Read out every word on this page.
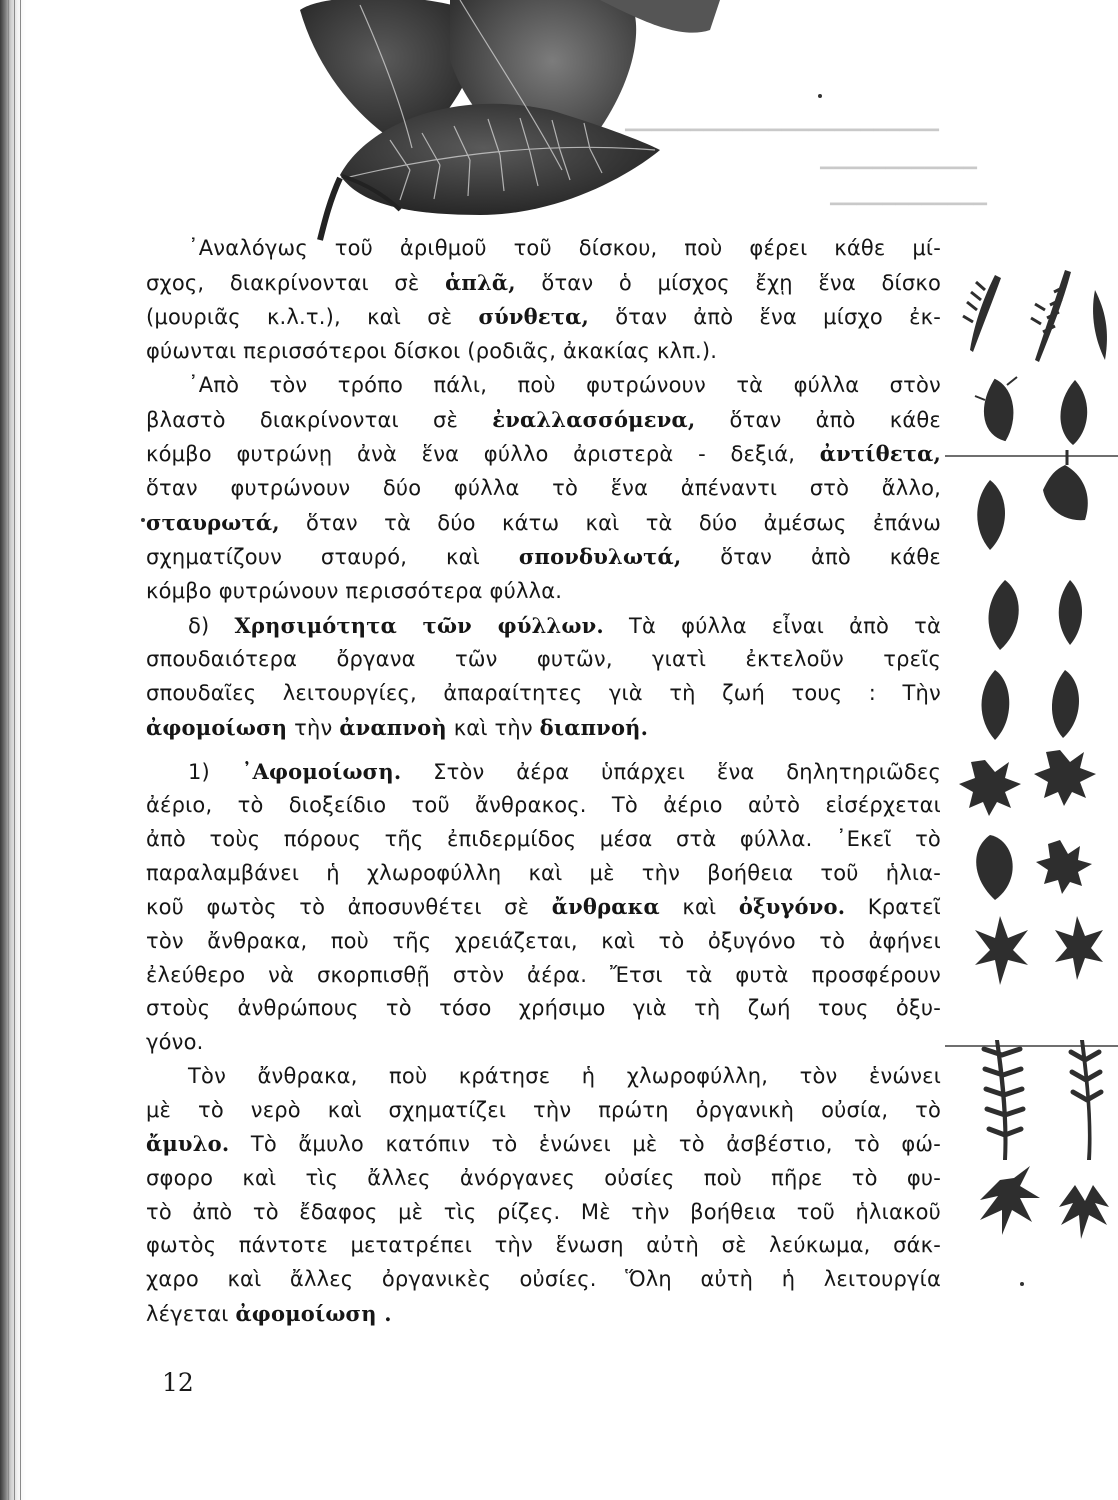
▁▁▁▁▁▁▁▁▁▁▁▁▁▁▁▁▁▁▁▁▁▁▁▁
▁▁▁▁▁▁▁▁▁▁▁▁
▁▁▁▁▁▁▁▁▁▁▁▁

᾿Αναλόγως τοῦ ἀριθμοῦ τοῦ δίσκου, ποὺ φέρει κάθε μί-

σχος, διακρίνονται σὲ ἁπλᾶ, ὅταν ὁ μίσχος ἔχῃ ἕνα δίσκο

(μουριᾶς κ.λ.τ.), καὶ σὲ σύνθετα, ὅταν ἀπὸ ἕνα μίσχο ἐκ-

φύωνται περισσότεροι δίσκοι (ροδιᾶς, ἀκακίας κλπ.).

᾿Απὸ τὸν τρόπο πάλι, ποὺ φυτρώνουν τὰ φύλλα στὸν

βλαστὸ διακρίνονται σὲ ἐναλλασσόμενα, ὅταν ἀπὸ κάθε

κόμβο φυτρώνῃ ἀνὰ ἕνα φύλλο ἀριστερὰ - δεξιά, ἀντίθετα,

ὅταν φυτρώνουν δύο φύλλα τὸ ἕνα ἀπέναντι στὸ ἄλλο,

σταυρωτά, ὅταν τὰ δύο κάτω καὶ τὰ δύο ἀμέσως ἐπάνω

σχηματίζουν σταυρό, καὶ σπονδυλωτά, ὅταν ἀπὸ κάθε

κόμβο φυτρώνουν περισσότερα φύλλα.

δ) Χρησιμότητα τῶν φύλλων. Τὰ φύλλα εἶναι ἀπὸ τὰ

σπουδαιότερα ὄργανα τῶν φυτῶν, γιατὶ ἐκτελοῦν τρεῖς

σπουδαῖες λειτουργίες, ἀπαραίτητες γιὰ τὴ ζωή τους : Τὴν

ἀφομοίωση τὴν ἀναπνοὴ καὶ τὴν διαπνοή.

1) ᾿Αφομοίωση. Στὸν ἀέρα ὑπάρχει ἕνα δηλητηριῶδες

ἀέριο, τὸ διοξείδιο τοῦ ἄνθρακος. Τὸ ἀέριο αὐτὸ εἰσέρχεται

ἀπὸ τοὺς πόρους τῆς ἐπιδερμίδος μέσα στὰ φύλλα. ᾿Εκεῖ τὸ

παραλαμβάνει ἡ χλωροφύλλη καὶ μὲ τὴν βοήθεια τοῦ ἡλια-

κοῦ φωτὸς τὸ ἀποσυνθέτει σὲ ἄνθρακα καὶ ὀξυγόνο. Κρατεῖ

τὸν ἄνθρακα, ποὺ τῆς χρειάζεται, καὶ τὸ ὀξυγόνο τὸ ἀφήνει

ἐλεύθερο νὰ σκορπισθῇ στὸν ἀέρα. Ἔτσι τὰ φυτὰ προσφέρουν

στοὺς ἀνθρώπους τὸ τόσο χρήσιμο γιὰ τὴ ζωή τους ὀξυ-

γόνο.

Τὸν ἄνθρακα, ποὺ κράτησε ἡ χλωροφύλλη, τὸν ἑνώνει

μὲ τὸ νερὸ καὶ σχηματίζει τὴν πρώτη ὀργανικὴ οὐσία, τὸ

ἄμυλο. Τὸ ἄμυλο κατόπιν τὸ ἑνώνει μὲ τὸ ἀσβέστιο, τὸ φώ-

σφορο καὶ τὶς ἄλλες ἀνόργανες οὐσίες ποὺ πῆρε τὸ φυ-

τὸ ἀπὸ τὸ ἔδαφος μὲ τὶς ρίζες. Μὲ τὴν βοήθεια τοῦ ἡλιακοῦ

φωτὸς πάντοτε μετατρέπει τὴν ἕνωση αὐτὴ σὲ λεύκωμα, σάκ-

χαρο καὶ ἄλλες ὀργανικὲς οὐσίες. Ὅλη αὐτὴ ἡ λειτουργία

λέγεται ἀφομοίωση .

12
